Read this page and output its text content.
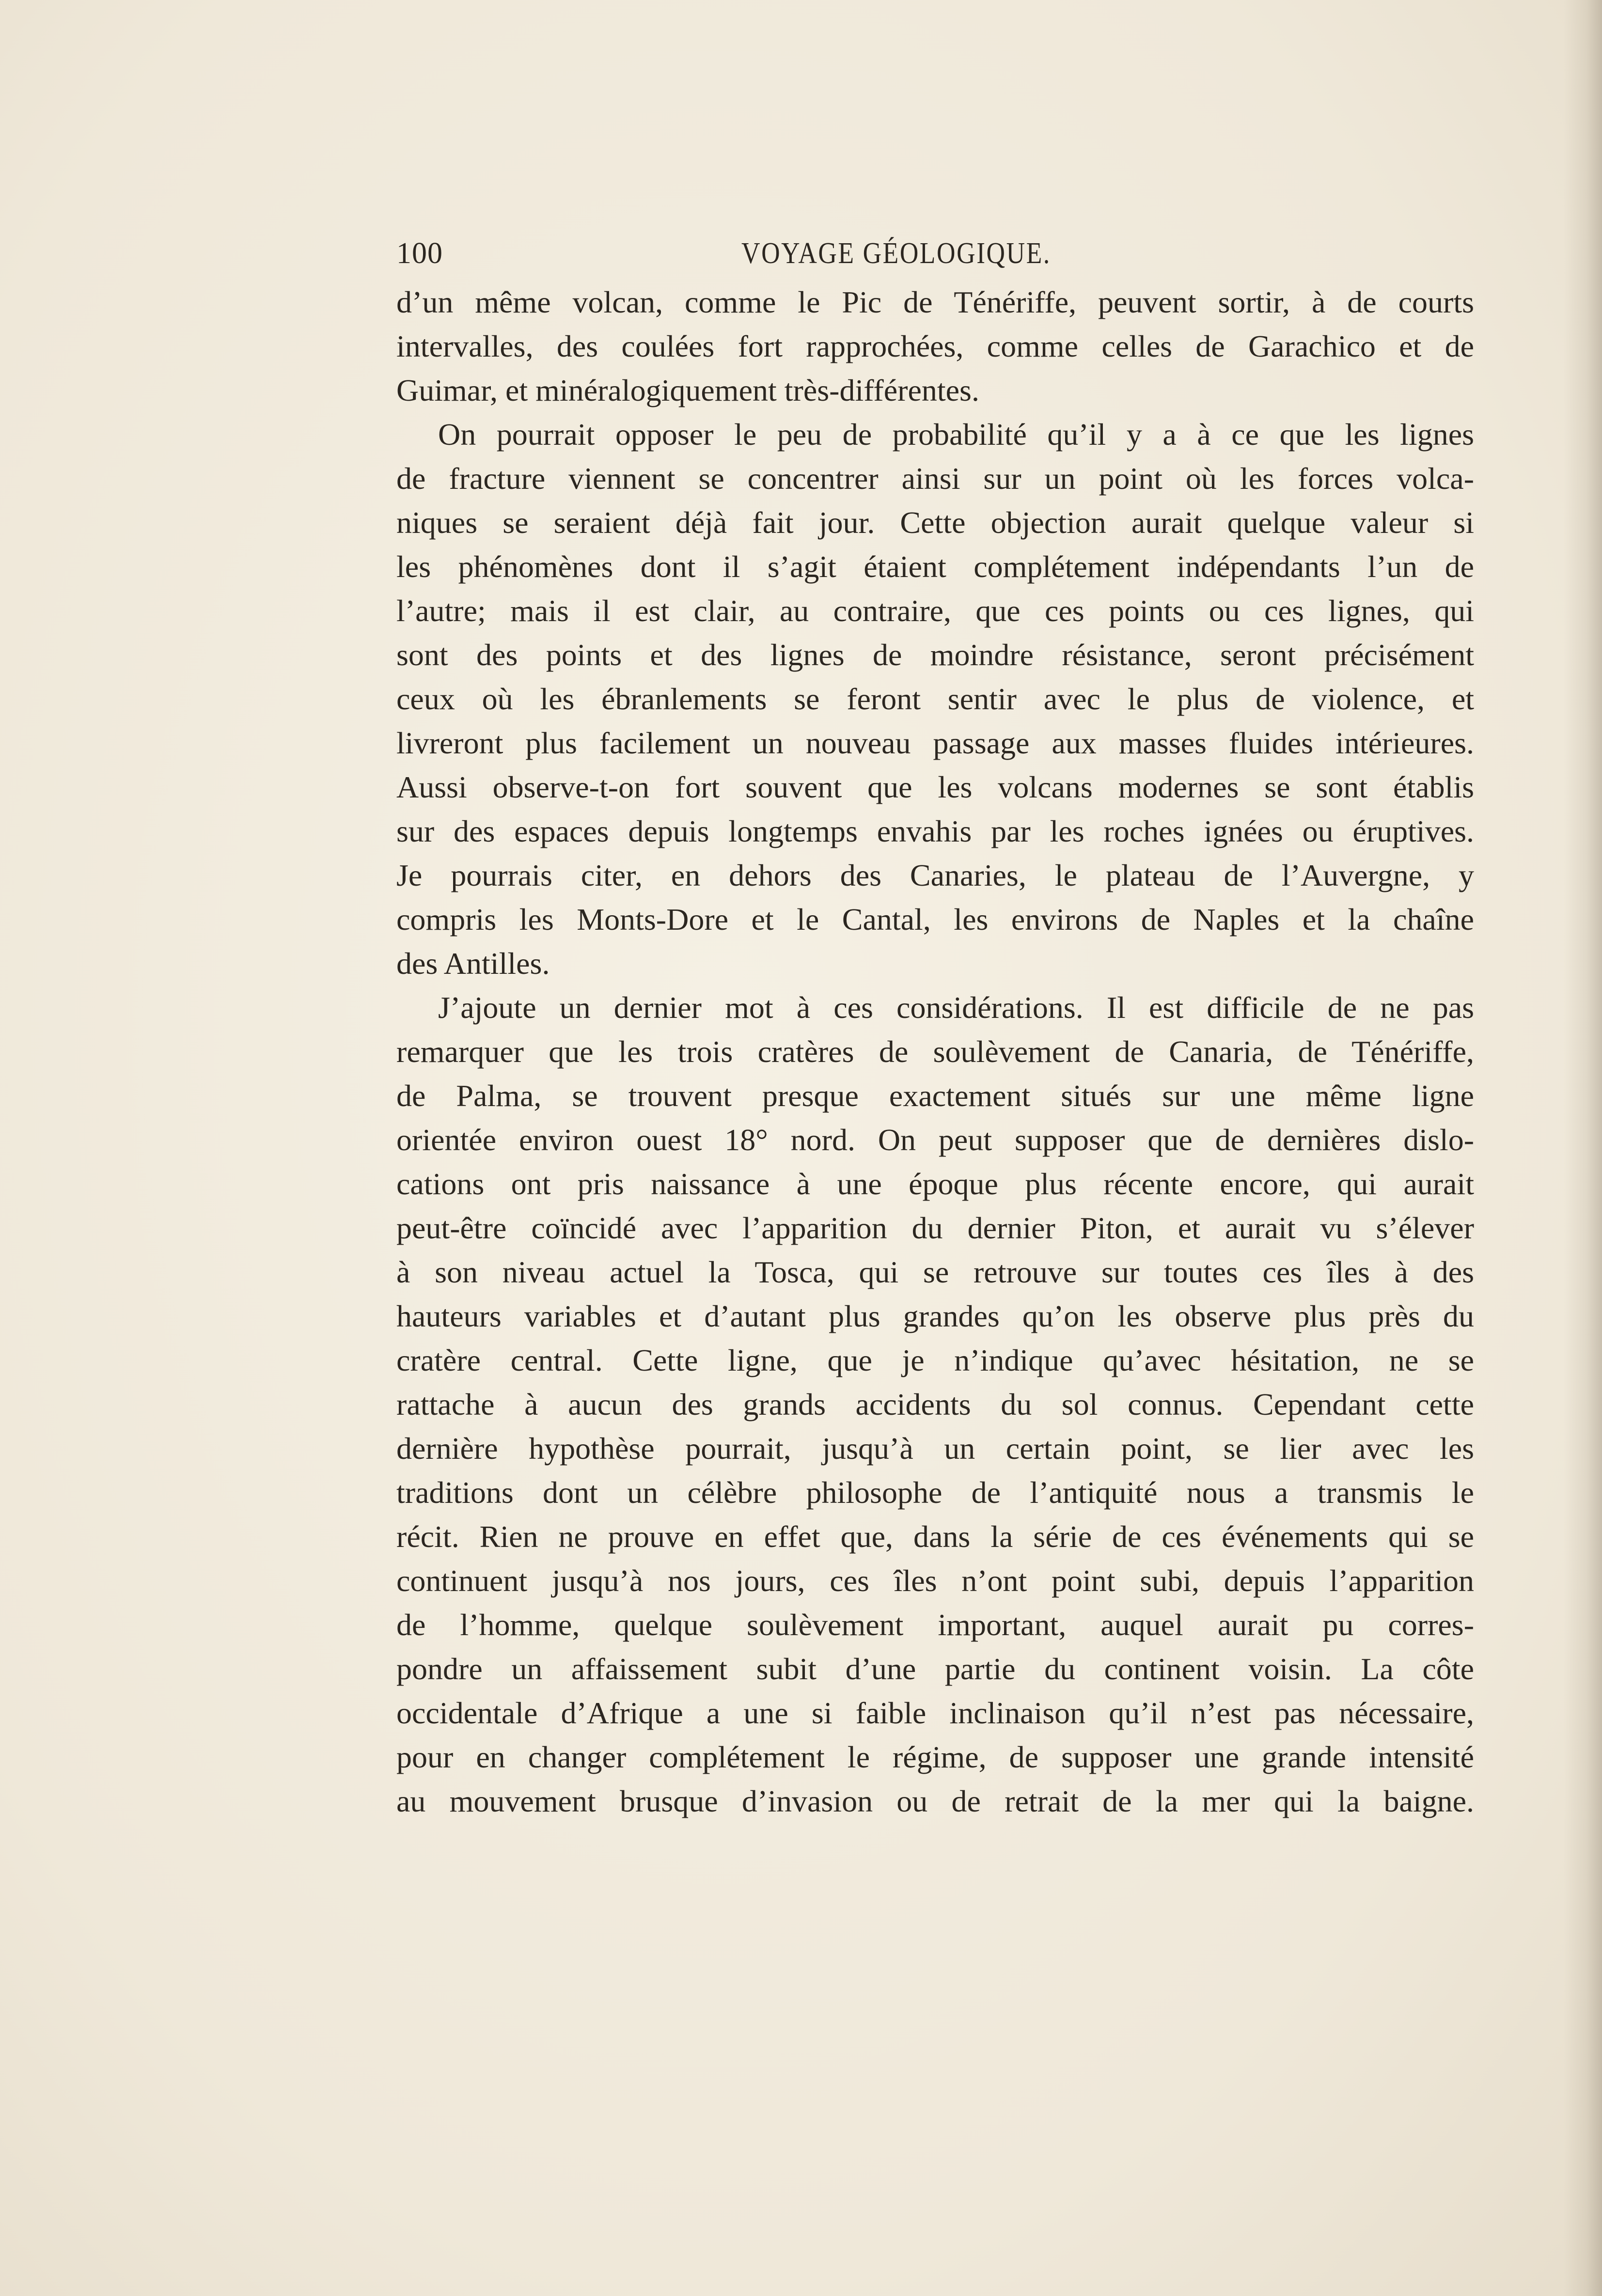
100	VOYAGE GÉOLOGIQUE.
d’un même volcan, comme le Pic de Ténériffe, peuvent sortir, à de courts
intervalles, des coulées fort rapprochées, comme celles de Garachico et de
Guimar, et minéralogiquement très-différentes.
On pourrait opposer le peu de probabilité qu’il y a à ce que les lignes
de fracture viennent se concentrer ainsi sur un point où les forces volca-
niques se seraient déjà fait jour. Cette objection aurait quelque valeur si
les phénomènes dont il s’agit étaient complétement indépendants l’un de
l’autre; mais il est clair, au contraire, que ces points ou ces lignes, qui
sont des points et des lignes de moindre résistance, seront précisément
ceux où les ébranlements se feront sentir avec le plus de violence, et
livreront plus facilement un nouveau passage aux masses fluides intérieures.
Aussi observe-t-on fort souvent que les volcans modernes se sont établis
sur des espaces depuis longtemps envahis par les roches ignées ou éruptives.
Je pourrais citer, en dehors des Canaries, le plateau de l’Auvergne, y
compris les Monts-Dore et le Cantal, les environs de Naples et la chaîne
des Antilles.
J’ajoute un dernier mot à ces considérations. Il est difficile de ne pas
remarquer que les trois cratères de soulèvement de Canaria, de Ténériffe,
de Palma, se trouvent presque exactement situés sur une même ligne
orientée environ ouest 18° nord. On peut supposer que de dernières dislo-
cations ont pris naissance à une époque plus récente encore, qui aurait
peut-être coïncidé avec l’apparition du dernier Piton, et aurait vu s’élever
à son niveau actuel la Tosca, qui se retrouve sur toutes ces îles à des
hauteurs variables et d’autant plus grandes qu’on les observe plus près du
cratère central. Cette ligne, que je n’indique qu’avec hésitation, ne se
rattache à aucun des grands accidents du sol connus. Cependant cette
dernière hypothèse pourrait, jusqu’à un certain point, se lier avec les
traditions dont un célèbre philosophe de l’antiquité nous a transmis le
récit. Rien ne prouve en effet que, dans la série de ces événements qui se
continuent jusqu’à nos jours, ces îles n’ont point subi, depuis l’apparition
de l’homme, quelque soulèvement important, auquel aurait pu corres-
pondre un affaissement subit d’une partie du continent voisin. La côte
occidentale d’Afrique a une si faible inclinaison qu’il n’est pas nécessaire,
pour en changer complétement le régime, de supposer une grande intensité
au mouvement brusque d’invasion ou de retrait de la mer qui la baigne.
